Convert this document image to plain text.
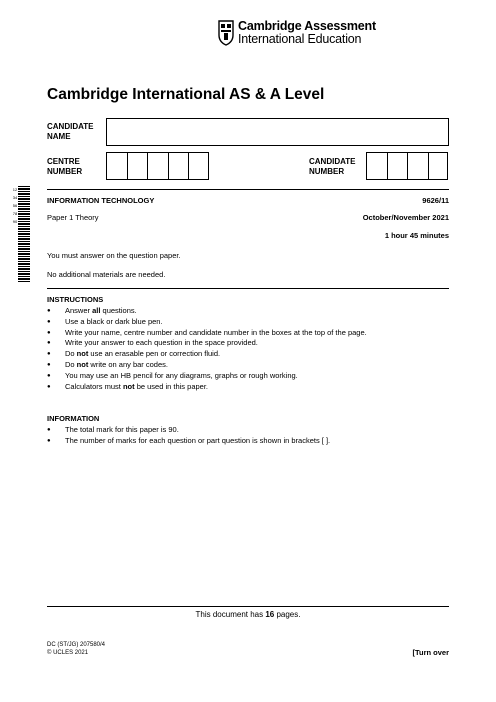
Cambridge Assessment
International Education
Cambridge International AS & A Level
CANDIDATE
NAME
CENTRE
NUMBER
CANDIDATE
NUMBER
1234567890
INFORMATION TECHNOLOGY	9626/11
Paper 1 Theory	October/November 2021
1 hour 45 minutes
You must answer on the question paper.
No additional materials are needed.
INSTRUCTIONS
● Answer all questions.
● Use a black or dark blue pen.
● Write your name, centre number and candidate number in the boxes at the top of the page.
● Write your answer to each question in the space provided.
● Do not use an erasable pen or correction fluid.
● Do not write on any bar codes.
● You may use an HB pencil for any diagrams, graphs or rough working.
● Calculators must not be used in this paper.
INFORMATION
● The total mark for this paper is 90.
● The number of marks for each question or part question is shown in brackets [ ].
This document has 16 pages.
DC (ST/JG) 207580/4
© UCLES 2021	[Turn over
